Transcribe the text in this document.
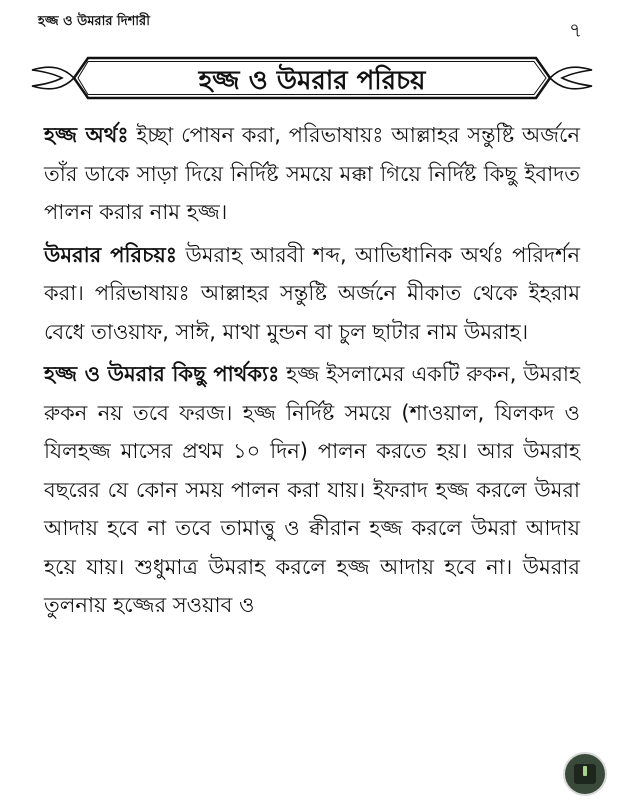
হজ্জ ও উমরার দিশারী	৭
হজ্জ ও উমরার পরিচয়

হজ্জ অর্থঃ ইচ্ছা পোষন করা, পরিভাষায়ঃ আল্লাহর সন্তুষ্টি অর্জনে তাঁর ডাকে সাড়া দিয়ে নির্দিষ্ট সময়ে মক্কা গিয়ে নির্দিষ্ট কিছু ইবাদত পালন করার নাম হজ্জ।

উমরার পরিচয়ঃ উমরাহ আরবী শব্দ, আভিধানিক অর্থঃ পরিদর্শন করা। পরিভাষায়ঃ আল্লাহর সন্তুষ্টি অর্জনে মীকাত থেকে ইহরাম বেধে তাওয়াফ, সাঈ, মাথা মুন্ডন বা চুল ছাটার নাম উমরাহ।

হজ্জ ও উমরার কিছু পার্থক্যঃ হজ্জ ইসলামের একটি রুকন, উমরাহ রুকন নয় তবে ফরজ। হজ্জ নির্দিষ্ট সময়ে (শাওয়াল, যিলকদ ও যিলহজ্জ মাসের প্রথম ১০ দিন) পালন করতে হয়। আর উমরাহ বছরের যে কোন সময় পালন করা যায়। ইফরাদ হজ্জ করলে উমরা আদায় হবে না তবে তামাত্তু ও ক্বীরান হজ্জ করলে উমরা আদায় হয়ে যায়। শুধুমাত্র উমরাহ করলে হজ্জ আদায় হবে না। উমরার তুলনায় হজ্জের সওয়াব ও
